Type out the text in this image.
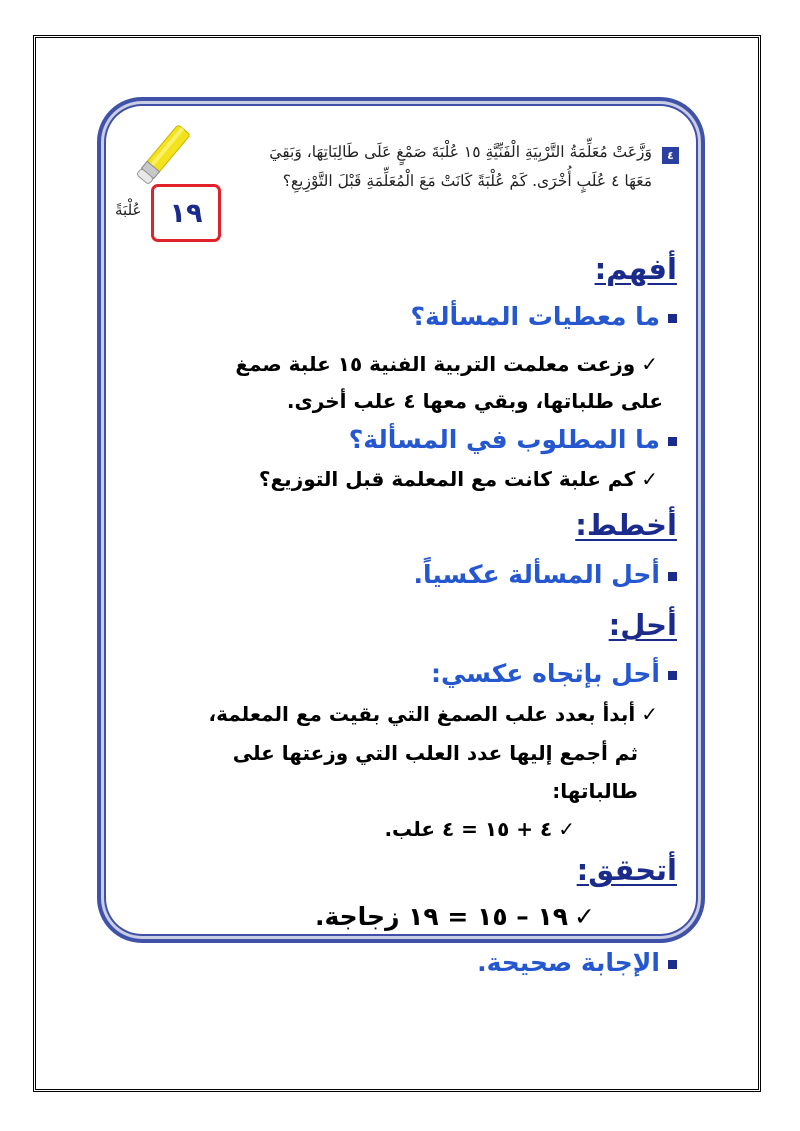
٤
وَزَّعَتْ مُعَلِّمَةُ التَّرْبِيَةِ الْفَنِّيَّةِ ١٥ عُلْبَةَ صَمْغٍ عَلَى طَالِبَاتِهَا، وَبَقِيَ
مَعَهَا ٤ عُلَبٍ أُخْرَى. كَمْ عُلْبَةً كَانَتْ مَعَ الْمُعَلِّمَةِ قَبْلَ التَّوْزِيعِ؟
عُلْبَةً	١٩
أفهم:
ما معطيات المسألة؟
✓وزعت معلمت التربية الفنية ١٥ علبة صمغ
على طلباتها، وبقي معها ٤ علب أخرى.
ما المطلوب في المسألة؟
✓كم علبة كانت مع المعلمة قبل التوزيع؟
أخطط:
أحل المسألة عكسياً.
أحل:
أحل بإتجاه عكسي:
✓أبدأ بعدد علب الصمغ التي بقيت مع المعلمة،
ثم أجمع إليها عدد العلب التي وزعتها على
طالباتها:
✓٤ + ١٥ = ٤ علب.
أتحقق:
✓١٩ – ١٥ = ١٩ زجاجة.
الإجابة صحيحة.
